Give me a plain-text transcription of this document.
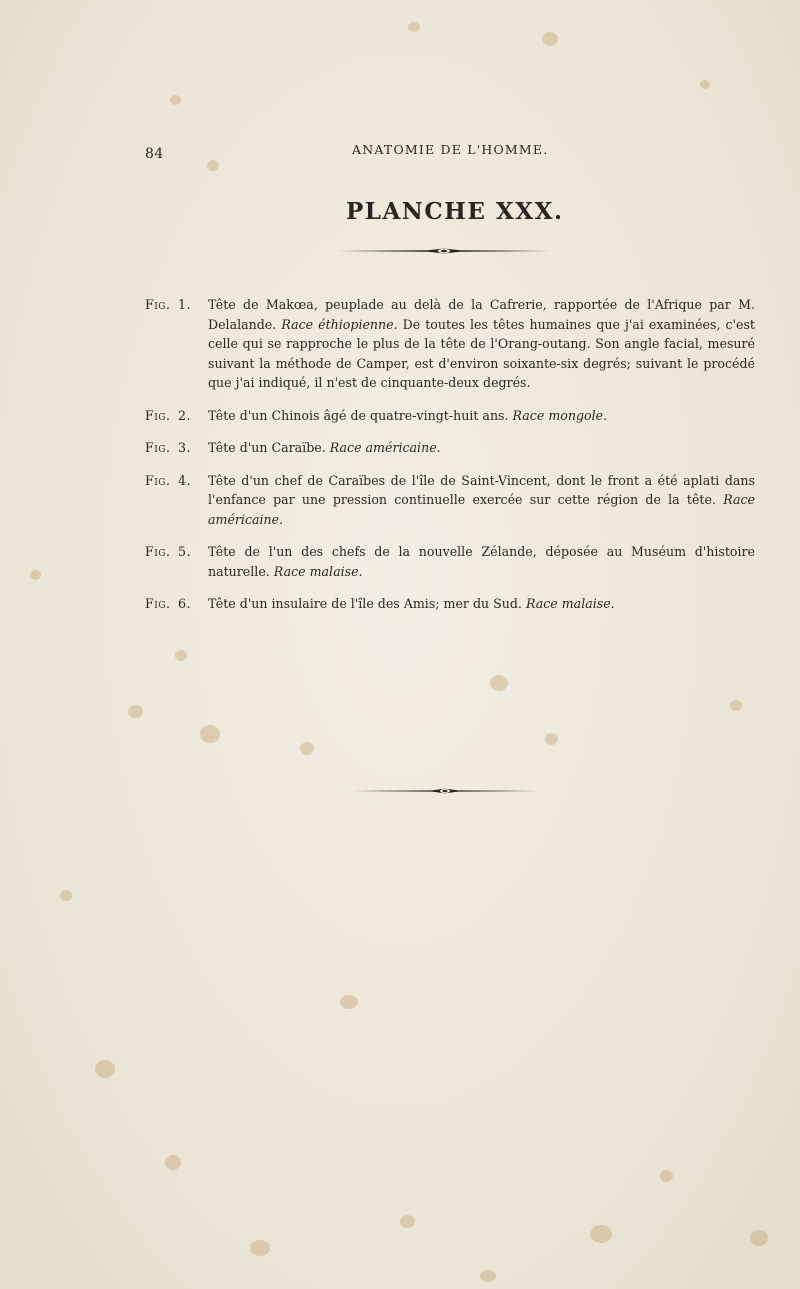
84	ANATOMIE DE L'HOMME.
PLANCHE XXX.
Fig. 1. Tête de Makœa, peuplade au delà de la Cafrerie, rapportée de l'Afrique par M. Delalande. Race éthiopienne. De toutes les têtes humaines que j'ai examinées, c'est celle qui se rapproche le plus de la tête de l'Orang-outang. Son angle facial, mesuré suivant la méthode de Camper, est d'environ soixante-six degrés; suivant le procédé que j'ai indiqué, il n'est de cinquante-deux degrés.
Fig. 2. Tête d'un Chinois âgé de quatre-vingt-huit ans. Race mongole.
Fig. 3. Tête d'un Caraïbe. Race américaine.
Fig. 4. Tête d'un chef de Caraïbes de l'île de Saint-Vincent, dont le front a été aplati dans l'enfance par une pression continuelle exercée sur cette région de la tête. Race américaine.
Fig. 5. Tête de l'un des chefs de la nouvelle Zélande, déposée au Muséum d'histoire naturelle. Race malaise.
Fig. 6. Tête d'un insulaire de l'île des Amis; mer du Sud. Race malaise.
